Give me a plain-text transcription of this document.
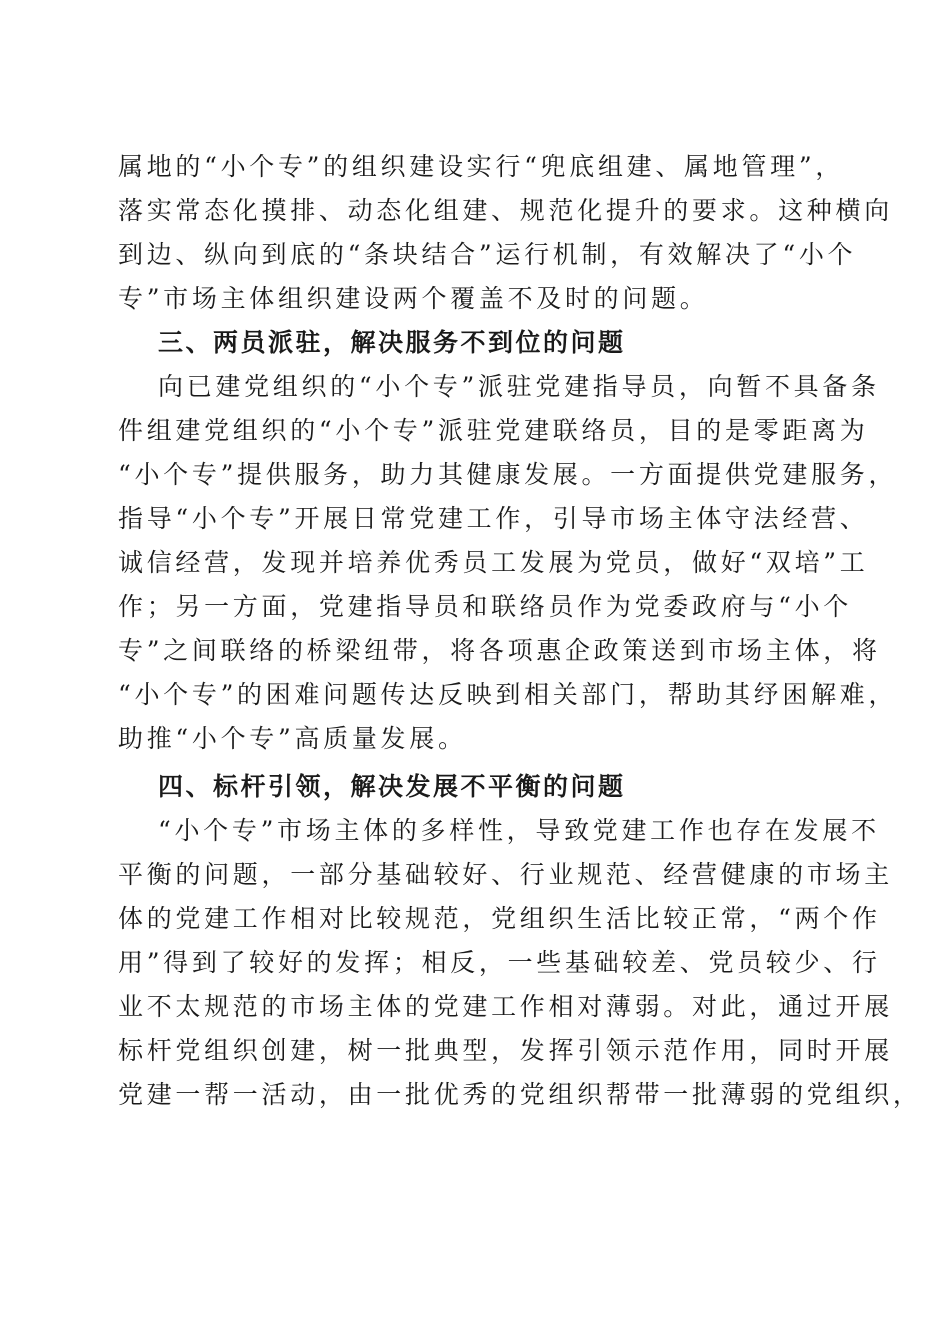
属地的“小个专”的组织建设实行“兜底组建、属地管理”，
落实常态化摸排、动态化组建、规范化提升的要求。这种横向
到边、纵向到底的“条块结合”运行机制，有效解决了“小个
专”市场主体组织建设两个覆盖不及时的问题。
三、两员派驻，解决服务不到位的问题
向已建党组织的“小个专”派驻党建指导员，向暂不具备条
件组建党组织的“小个专”派驻党建联络员，目的是零距离为
“小个专”提供服务，助力其健康发展。一方面提供党建服务，
指导“小个专”开展日常党建工作，引导市场主体守法经营、
诚信经营，发现并培养优秀员工发展为党员，做好“双培”工
作；另一方面，党建指导员和联络员作为党委政府与“小个
专”之间联络的桥梁纽带，将各项惠企政策送到市场主体，将
“小个专”的困难问题传达反映到相关部门，帮助其纾困解难，
助推“小个专”高质量发展。
四、标杆引领，解决发展不平衡的问题
“小个专”市场主体的多样性，导致党建工作也存在发展不
平衡的问题，一部分基础较好、行业规范、经营健康的市场主
体的党建工作相对比较规范，党组织生活比较正常，“两个作
用”得到了较好的发挥；相反，一些基础较差、党员较少、行
业不太规范的市场主体的党建工作相对薄弱。对此，通过开展
标杆党组织创建，树一批典型，发挥引领示范作用，同时开展
党建一帮一活动，由一批优秀的党组织帮带一批薄弱的党组织，
